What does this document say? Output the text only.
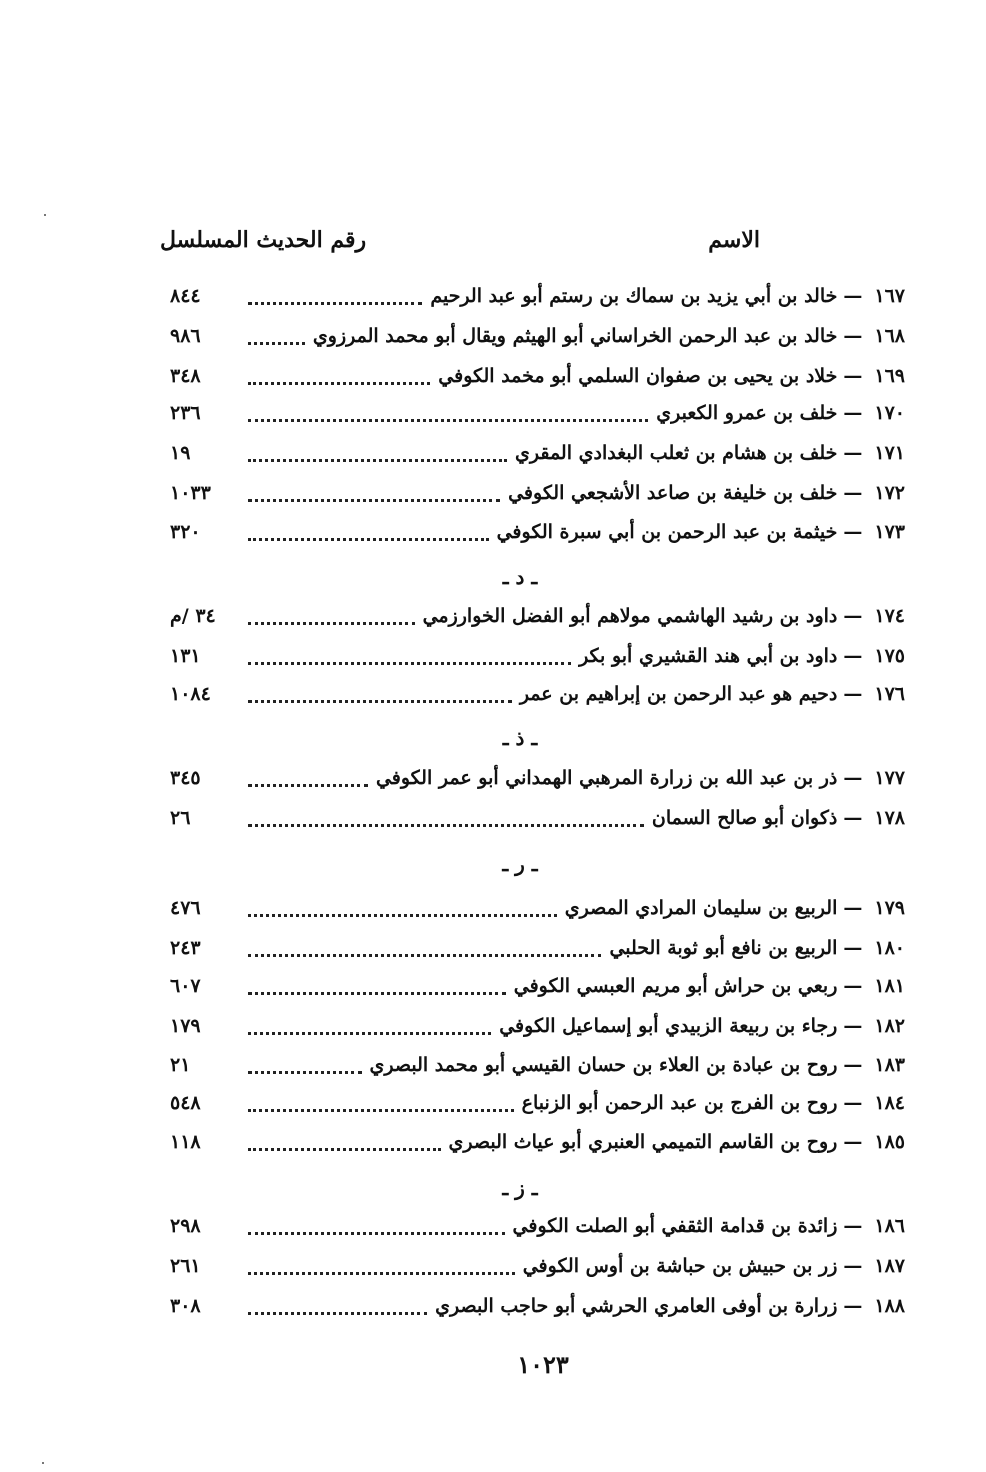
رقم الحديث المسلسل	الاسم
٨٤٤	خالد بن أبي يزيد بن سماك بن رستم أبو عبد الرحيم — ١٦٧
٩٨٦	خالد بن عبد الرحمن الخراساني أبو الهيثم ويقال أبو محمد المرزوي — ١٦٨
٣٤٨	خلاد بن يحيى بن صفوان السلمي أبو مخمد الكوفي — ١٦٩
٢٣٦	خلف بن عمرو الكعبري — ١٧٠
١٩	خلف بن هشام بن ثعلب البغدادي المقري — ١٧١
١٠٣٣	خلف بن خليفة بن صاعد الأشجعي الكوفي — ١٧٢
٣٢٠	خيثمة بن عبد الرحمن بن أبي سبرة الكوفي — ١٧٣
ـ د ـ
٣٤ /م	داود بن رشيد الهاشمي مولاهم أبو الفضل الخوارزمي — ١٧٤
١٣١	داود بن أبي هند القشيري أبو بكر — ١٧٥
١٠٨٤	دحيم هو عبد الرحمن بن إبراهيم بن عمر — ١٧٦
ـ ذ ـ
٣٤٥	ذر بن عبد الله بن زرارة المرهبي الهمداني أبو عمر الكوفي — ١٧٧
٢٦	ذكوان أبو صالح السمان — ١٧٨
ـ ر ـ
٤٧٦	الربيع بن سليمان المرادي المصري — ١٧٩
٢٤٣	الربيع بن نافع أبو ثوبة الحلبي — ١٨٠
٦٠٧	ربعي بن حراش أبو مريم العبسي الكوفي — ١٨١
١٧٩	رجاء بن ربيعة الزبيدي أبو إسماعيل الكوفي — ١٨٢
٢١	روح بن عبادة بن العلاء بن حسان القيسي أبو محمد البصري — ١٨٣
٥٤٨	روح بن الفرج بن عبد الرحمن أبو الزنباع — ١٨٤
١١٨	روح بن القاسم التميمي العنبري أبو عياث البصري — ١٨٥
ـ ز ـ
٢٩٨	زائدة بن قدامة الثقفي أبو الصلت الكوفي — ١٨٦
٢٦١	زر بن حبيش بن حباشة بن أوس الكوفي — ١٨٧
٣٠٨	زرارة بن أوفى العامري الحرشي أبو حاجب البصري — ١٨٨
١٠٢٣
